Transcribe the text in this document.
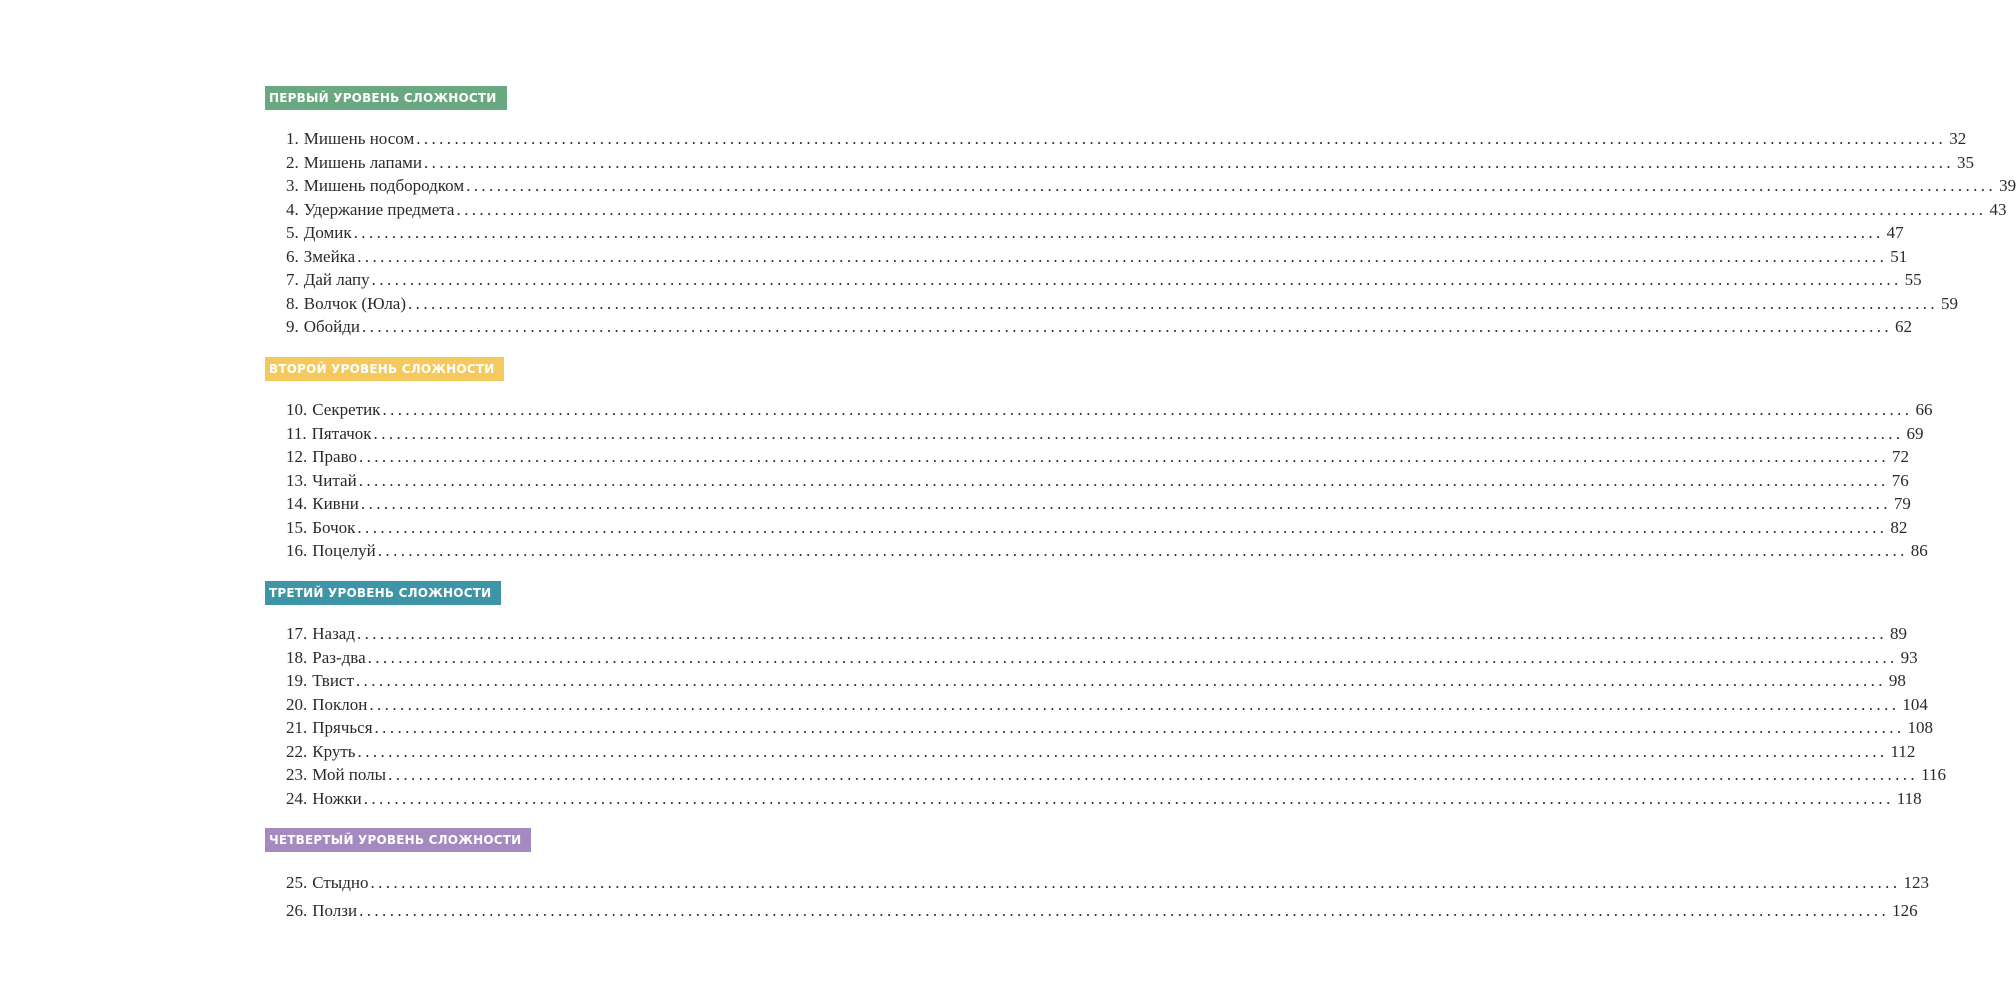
ПЕРВЫЙ УРОВЕНЬ СЛОЖНОСТИ
1. Мишень носом ........................................................................................................................................................................................................ 32
2. Мишень лапами ........................................................................................................................................................................................................ 35
3. Мишень подбородком ........................................................................................................................................................................................................ 39
4. Удержание предмета ........................................................................................................................................................................................................ 43
5. Домик ........................................................................................................................................................................................................ 47
6. Змейка ........................................................................................................................................................................................................ 51
7. Дай лапу ........................................................................................................................................................................................................ 55
8. Волчок (Юла) ........................................................................................................................................................................................................ 59
9. Обойди ........................................................................................................................................................................................................ 62
ВТОРОЙ УРОВЕНЬ СЛОЖНОСТИ
10. Секретик ........................................................................................................................................................................................................ 66
11. Пятачок ........................................................................................................................................................................................................ 69
12. Право ........................................................................................................................................................................................................ 72
13. Читай ........................................................................................................................................................................................................ 76
14. Кивни ........................................................................................................................................................................................................ 79
15. Бочок ........................................................................................................................................................................................................ 82
16. Поцелуй ........................................................................................................................................................................................................ 86
ТРЕТИЙ УРОВЕНЬ СЛОЖНОСТИ
17. Назад ........................................................................................................................................................................................................ 89
18. Раз-два ........................................................................................................................................................................................................ 93
19. Твист ........................................................................................................................................................................................................ 98
20. Поклон ........................................................................................................................................................................................................ 104
21. Прячься ........................................................................................................................................................................................................ 108
22. Круть ........................................................................................................................................................................................................ 112
23. Мой полы ........................................................................................................................................................................................................ 116
24. Ножки ........................................................................................................................................................................................................ 118
ЧЕТВЕРТЫЙ УРОВЕНЬ СЛОЖНОСТИ
25. Стыдно ........................................................................................................................................................................................................ 123
26. Ползи ........................................................................................................................................................................................................ 126
